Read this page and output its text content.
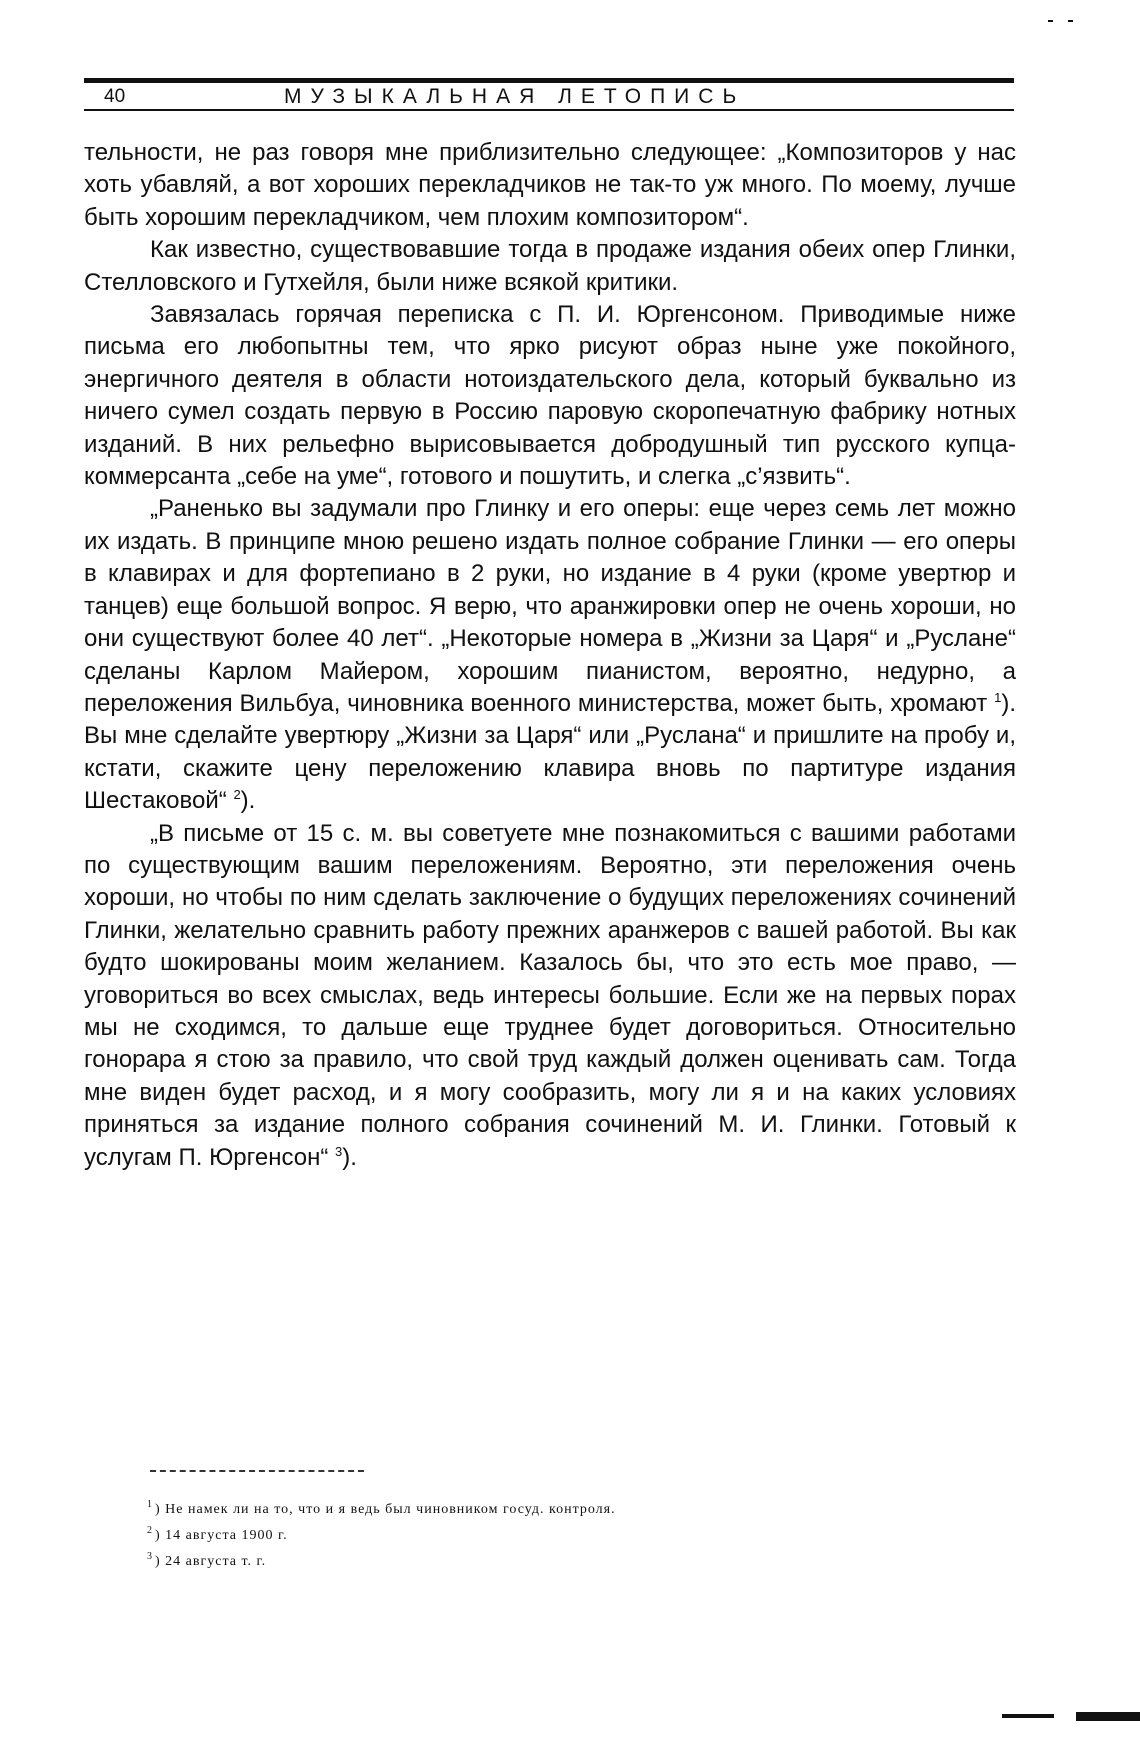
40	МУЗЫКАЛЬНАЯ ЛЕТОПИСЬ

тельности, не раз говоря мне приблизительно следующее: „Композиторов у нас хоть убавляй, а вот хороших перекладчиков не так-то уж много. По моему, лучше быть хорошим перекладчиком, чем плохим композитором“.

Как известно, существовавшие тогда в продаже издания обеих опер Глинки, Стелловского и Гутхейля, были ниже всякой критики.

Завязалась горячая переписка с П. И. Юргенсоном. Приводимые ниже письма его любопытны тем, что ярко рисуют образ ныне уже покойного, энергичного деятеля в области нотоиздательского дела, который буквально из ничего сумел создать первую в Россию паровую скоропечатную фабрику нотных изданий. В них рельефно вырисовывается добродушный тип русского купца-коммерсанта „себе на уме“, готового и пошутить, и слегка „с’язвить“.

„Раненько вы задумали про Глинку и его оперы: еще через семь лет можно их издать. В принципе мною решено издать полное собрание Глинки — его оперы в клавирах и для фортепиано в 2 руки, но издание в 4 руки (кроме увертюр и танцев) еще большой вопрос. Я верю, что аранжировки опер не очень хороши, но они существуют более 40 лет“. „Некоторые номера в „Жизни за Царя“ и „Руслане“ сделаны Карлом Майером, хорошим пианистом, вероятно, недурно, а переложения Вильбуа, чиновника военного министерства, может быть, хромают $^1$). Вы мне сделайте увертюру „Жизни за Царя“ или „Руслана“ и пришлите на пробу и, кстати, скажите цену переложению клавира вновь по партитуре издания Шестаковой“ $^2$).

„В письме от 15 с. м. вы советуете мне познакомиться с вашими работами по существующим вашим переложениям. Вероятно, эти переложения очень хороши, но чтобы по ним сделать заключение о будущих переложениях сочинений Глинки, желательно сравнить работу прежних аранжеров с вашей работой. Вы как будто шокированы моим желанием. Казалось бы, что это есть мое право, — уговориться во всех смыслах, ведь интересы большие. Если же на первых порах мы не сходимся, то дальше еще труднее будет договориться. Относительно гонорара я стою за правило, что свой труд каждый должен оценивать сам. Тогда мне виден будет расход, и я могу сообразить, могу ли я и на каких условиях приняться за издание полного собрания сочинений М. И. Глинки. Готовый к услугам П. Юргенсон“ $^3$).

$^1$ ) Не намек ли на то, что и я ведь был чиновником госуд. контроля.
$^2$ ) 14 августа 1900 г.
$^3$ ) 24 августа т. г.
